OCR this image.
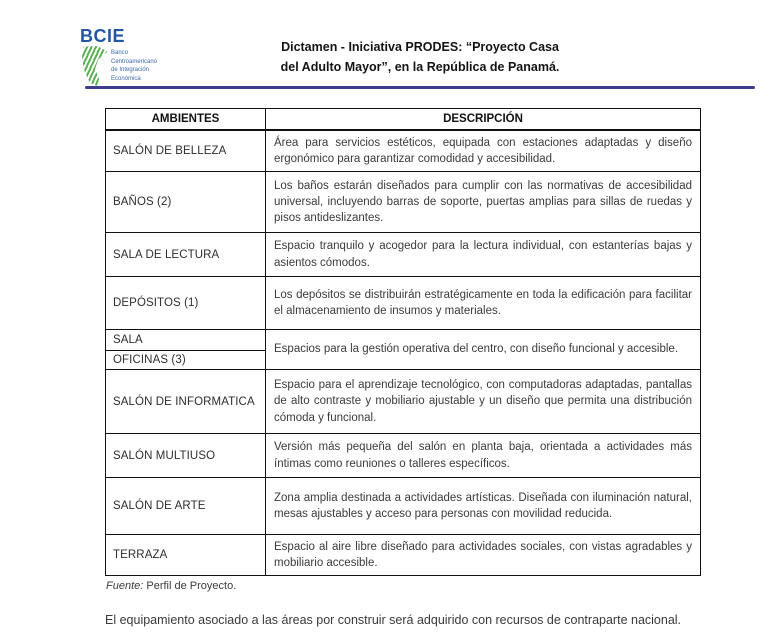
BCIE
Banco
Centroamericano
de Integración
Económica
Dictamen - Iniciativa PRODES: “Proyecto Casa
del Adulto Mayor”, en la República de Panamá.
AMBIENTES	DESCRIPCIÓN
SALÓN DE BELLEZA	Área para servicios estéticos, equipada con estaciones adaptadas y diseño ergonómico para garantizar comodidad y accesibilidad.
BAÑOS (2)	Los baños estarán diseñados para cumplir con las normativas de accesibilidad universal, incluyendo barras de soporte, puertas amplias para sillas de ruedas y pisos antideslizantes.
SALA DE LECTURA	Espacio tranquilo y acogedor para la lectura individual, con estanterías bajas y asientos cómodos.
DEPÓSITOS (1)	Los depósitos se distribuirán estratégicamente en toda la edificación para facilitar el almacenamiento de insumos y materiales.
SALA	Espacios para la gestión operativa del centro, con diseño funcional y accesible.
OFICINAS (3)	
SALÓN DE INFORMATICA	Espacio para el aprendizaje tecnológico, con computadoras adaptadas, pantallas de alto contraste y mobiliario ajustable y un diseño que permita una distribución cómoda y funcional.
SALÓN MULTIUSO	Versión más pequeña del salón en planta baja, orientada a actividades más íntimas como reuniones o talleres específicos.
SALÓN DE ARTE	Zona amplia destinada a actividades artísticas. Diseñada con iluminación natural, mesas ajustables y acceso para personas con movilidad reducida.
TERRAZA	Espacio al aire libre diseñado para actividades sociales, con vistas agradables y mobiliario accesible.
Fuente: Perfil de Proyecto.
El equipamiento asociado a las áreas por construir será adquirido con recursos de contraparte nacional.
